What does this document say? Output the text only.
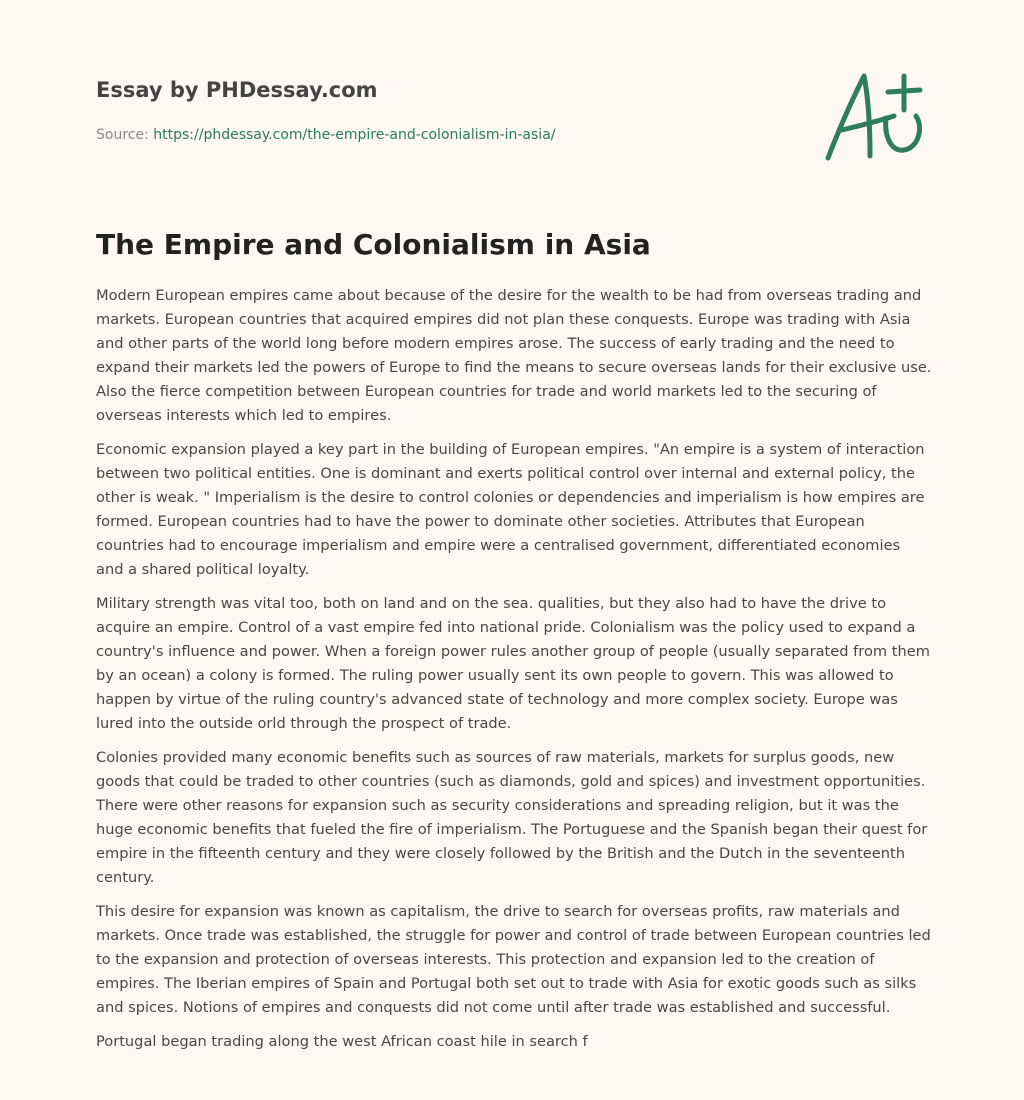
Essay by PHDessay.com
Source: https://phdessay.com/the-empire-and-colonialism-in-asia/
The Empire and Colonialism in Asia

Modern European empires came about because of the desire for the wealth to be had from overseas trading and markets. European countries that acquired empires did not plan these conquests. Europe was trading with Asia and other parts of the world long before modern empires arose. The success of early trading and the need to expand their markets led the powers of Europe to find the means to secure overseas lands for their exclusive use. Also the fierce competition between European countries for trade and world markets led to the securing of overseas interests which led to empires.

Economic expansion played a key part in the building of European empires. "An empire is a system of interaction between two political entities. One is dominant and exerts political control over internal and external policy, the other is weak. " Imperialism is the desire to control colonies or dependencies and imperialism is how empires are formed. European countries had to have the power to dominate other societies. Attributes that European countries had to encourage imperialism and empire were a centralised government, differentiated economies and a shared political loyalty.

Military strength was vital too, both on land and on the sea. qualities, but they also had to have the drive to acquire an empire. Control of a vast empire fed into national pride. Colonialism was the policy used to expand a country's influence and power. When a foreign power rules another group of people (usually separated from them by an ocean) a colony is formed. The ruling power usually sent its own people to govern. This was allowed to happen by virtue of the ruling country's advanced state of technology and more complex society. Europe was lured into the outside orld through the prospect of trade.

Colonies provided many economic benefits such as sources of raw materials, markets for surplus goods, new goods that could be traded to other countries (such as diamonds, gold and spices) and investment opportunities. There were other reasons for expansion such as security considerations and spreading religion, but it was the huge economic benefits that fueled the fire of imperialism. The Portuguese and the Spanish began their quest for empire in the fifteenth century and they were closely followed by the British and the Dutch in the seventeenth century.

This desire for expansion was known as capitalism, the drive to search for overseas profits, raw materials and markets. Once trade was established, the struggle for power and control of trade between European countries led to the expansion and protection of overseas interests. This protection and expansion led to the creation of empires. The Iberian empires of Spain and Portugal both set out to trade with Asia for exotic goods such as silks and spices. Notions of empires and conquests did not come until after trade was established and successful.

Portugal began trading along the west African coast hile in search f
